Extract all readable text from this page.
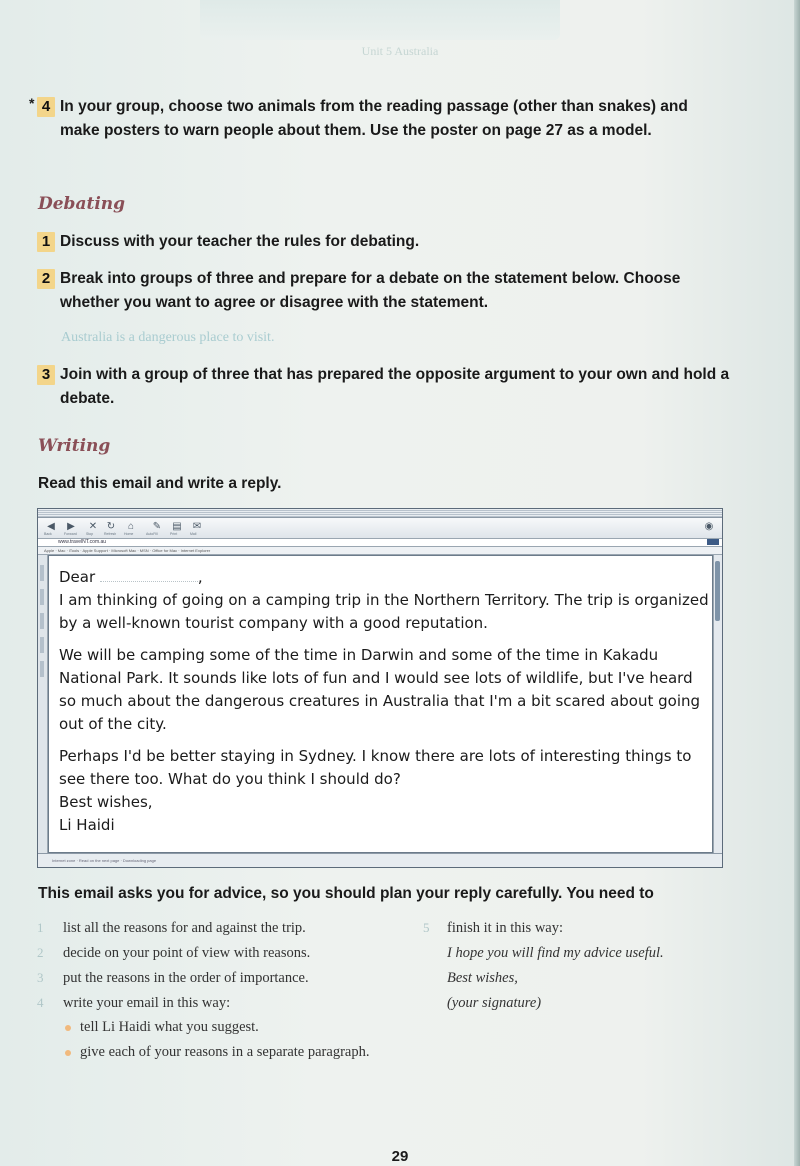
Unit 5 Australia
* 4 In your group, choose two animals from the reading passage (other than snakes) and make posters to warn people about them. Use the poster on page 27 as a model.
Debating
1 Discuss with your teacher the rules for debating.
2 Break into groups of three and prepare for a debate on the statement below. Choose whether you want to agree or disagree with the statement.
Australia is a dangerous place to visit.
3 Join with a group of three that has prepared the opposite argument to your own and hold a debate.
Writing
Read this email and write a reply.
◀	▶	✕ ↻	⌂	✎ ▤ ✉	◉
Back	Forward	Stop	Refresh Home	AutoFill	Print	Mail
www.travelNT.com.au
Apple · Mac · iTools · Apple Support · Microsoft Mac · MSN · Office for Mac · Internet Explorer

Dear	,

I am thinking of going on a camping trip in the Northern Territory. The trip is organized by a well-known tourist company with a good reputation.

We will be camping some of the time in Darwin and some of the time in Kakadu National Park. It sounds like lots of fun and I would see lots of wildlife, but I've heard so much about the dangerous creatures in Australia that I'm a bit scared about going out of the city.

Perhaps I'd be better staying in Sydney. I know there are lots of interesting things to see there too. What do you think I should do?

Best wishes,
Li Haidi
Internet zone · Read on the next page · Downloading page
This email asks you for advice, so you should plan your reply carefully. You need to
1 list all the reasons for and against the trip.
2 decide on your point of view with reasons.
3 put the reasons in the order of importance.
4 write your email in this way:
tell Li Haidi what you suggest.
give each of your reasons in a separate paragraph.
5 finish it in this way:
I hope you will find my advice useful.
Best wishes,
(your signature)
29
